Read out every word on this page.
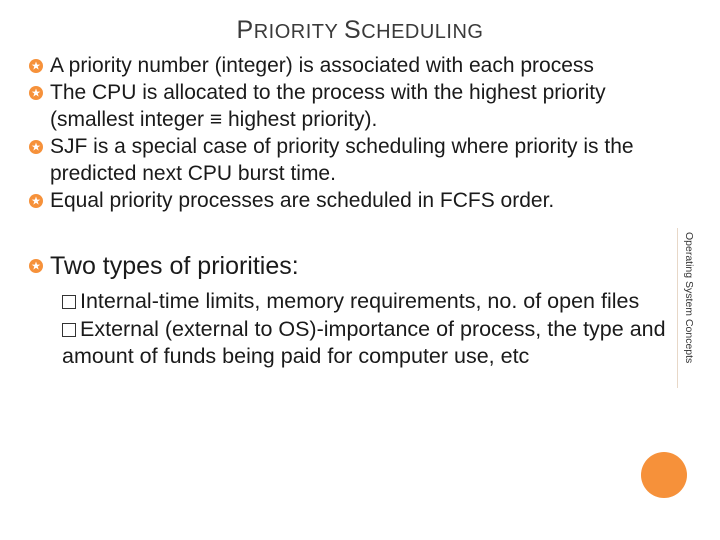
PRIORITY SCHEDULING
A priority number (integer) is associated with each process
The CPU is allocated to the process with the highest priority (smallest integer ≡ highest priority).
SJF is a special case of priority scheduling where priority is the predicted next CPU burst time.
Equal priority processes are scheduled in FCFS order.
Two types of priorities:
Internal-time limits, memory requirements, no. of open files
External (external to OS)-importance of process, the type and amount of funds being paid for computer use, etc	Operating System Concepts
